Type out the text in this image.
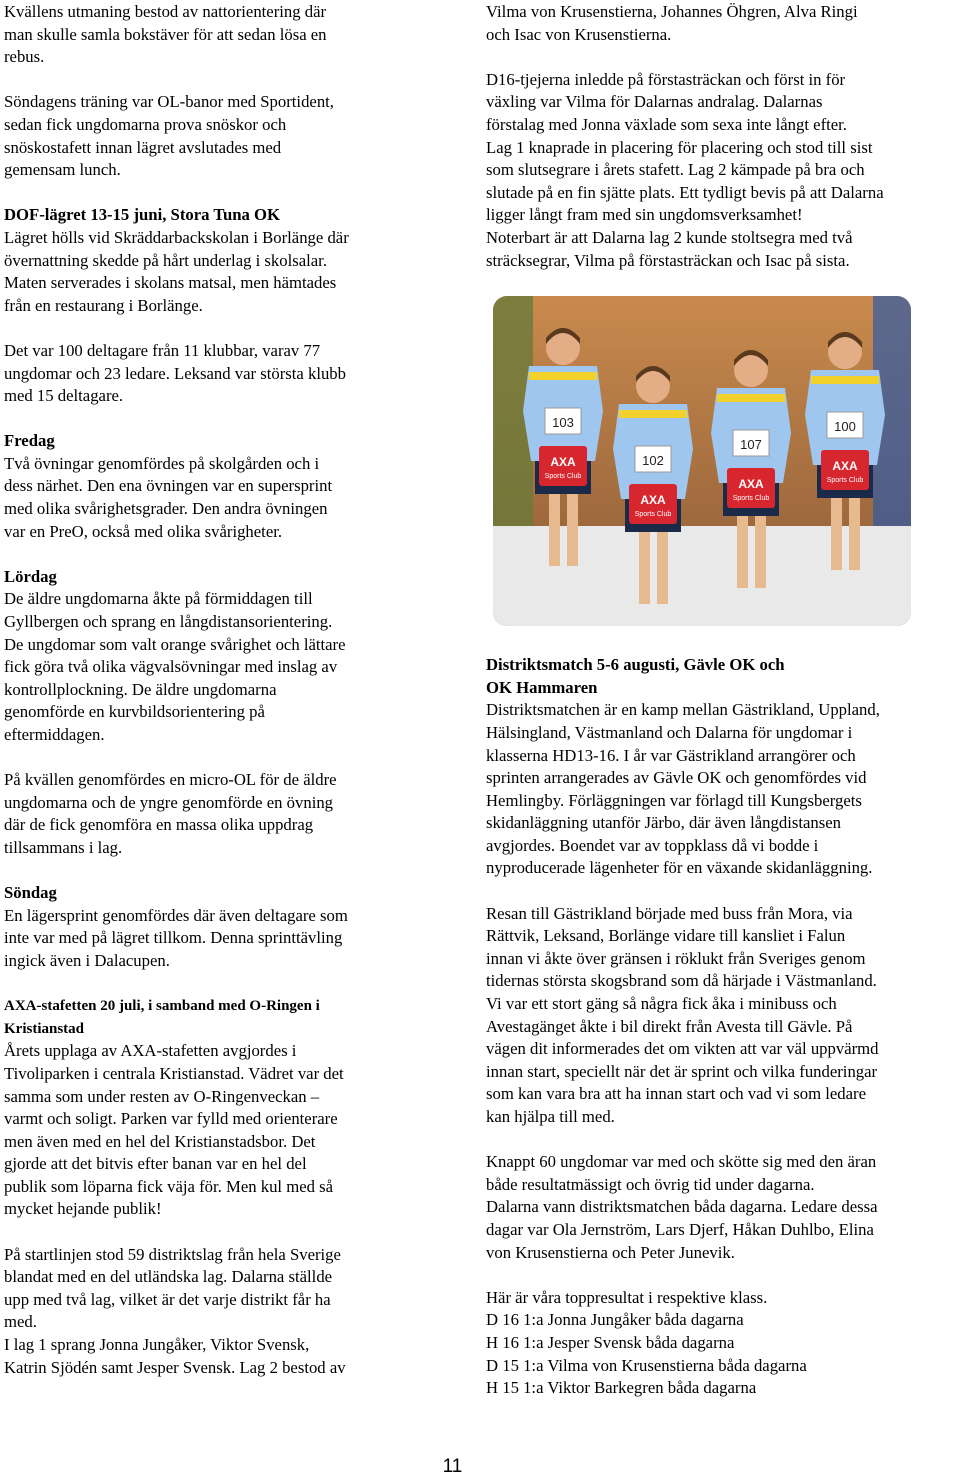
Kvällens utmaning bestod av nattorientering där
man skulle samla bokstäver för att sedan lösa en
rebus.
Söndagens träning var OL-banor med Sportident,
sedan fick ungdomarna prova snöskor och
snöskostafett innan lägret avslutades med
gemensam lunch.
DOF-lägret 13-15 juni, Stora Tuna OK
Lägret hölls vid Skräddarbackskolan i Borlänge där
övernattning skedde på hårt underlag i skolsalar.
Maten serverades i skolans matsal, men hämtades
från en restaurang i Borlänge.
Det var 100 deltagare från 11 klubbar, varav 77
ungdomar och 23 ledare. Leksand var största klubb
med 15 deltagare.
Fredag
Två övningar genomfördes på skolgården och i
dess närhet. Den ena övningen var en supersprint
med olika svårighetsgrader. Den andra övningen
var en PreO, också med olika svårigheter.
Lördag
De äldre ungdomarna åkte på förmiddagen till
Gyllbergen och sprang en långdistansorientering.
De ungdomar som valt orange svårighet och lättare
fick göra två olika vägvalsövningar med inslag av
kontrollplockning. De äldre ungdomarna
genomförde en kurvbildsorientering på
eftermiddagen.
På kvällen genomfördes en micro-OL för de äldre
ungdomarna och de yngre genomförde en övning
där de fick genomföra en massa olika uppdrag
tillsammans i lag.
Söndag
En lägersprint genomfördes där även deltagare som
inte var med på lägret tillkom. Denna sprinttävling
ingick även i Dalacupen.
AXA-stafetten 20 juli, i samband med O-Ringen i
Kristianstad
Årets upplaga av AXA-stafetten avgjordes i
Tivoliparken i centrala Kristianstad. Vädret var det
samma som under resten av O-Ringenveckan –
varmt och soligt. Parken var fylld med orienterare
men även med en hel del Kristianstadsbor. Det
gjorde att det bitvis efter banan var en hel del
publik som löparna fick väja för. Men kul med så
mycket hejande publik!
På startlinjen stod 59 distriktslag från hela Sverige
blandat med en del utländska lag. Dalarna ställde
upp med två lag, vilket är det varje distrikt får ha
med.
I lag 1 sprang Jonna Jungåker, Viktor Svensk,
Katrin Sjödén samt Jesper Svensk. Lag 2 bestod av
Vilma von Krusenstierna, Johannes Öhgren, Alva Ringi
och Isac von Krusenstierna.
D16-tjejerna inledde på förstasträckan och först in för
växling var Vilma för Dalarnas andralag. Dalarnas
förstalag med Jonna växlade som sexa inte långt efter.
Lag 1 knaprade in placering för placering och stod till sist
som slutsegrare i årets stafett. Lag 2 kämpade på bra och
slutade på en fin sjätte plats. Ett tydligt bevis på att Dalarna
ligger långt fram med sin ungdomsverksamhet!
Noterbart är att Dalarna lag 2 kunde stoltsegra med två
sträcksegrar, Vilma på förstasträckan och Isac på sista.
Distriktsmatch 5-6 augusti, Gävle OK och
OK Hammaren
Distriktsmatchen är en kamp mellan Gästrikland, Uppland,
Hälsingland, Västmanland och Dalarna för ungdomar i
klasserna HD13-16. I år var Gästrikland arrangörer och
sprinten arrangerades av Gävle OK och genomfördes vid
Hemlingby. Förläggningen var förlagd till Kungsbergets
skidanläggning utanför Järbo, där även långdistansen
avgjordes. Boendet var av toppklass då vi bodde i
nyproducerade lägenheter för en växande skidanläggning.
Resan till Gästrikland började med buss från Mora, via
Rättvik, Leksand, Borlänge vidare till kansliet i Falun
innan vi åkte över gränsen i röklukt från Sveriges genom
tidernas största skogsbrand som då härjade i Västmanland.
Vi var ett stort gäng så några fick åka i minibuss och
Avestagänget åkte i bil direkt från Avesta till Gävle. På
vägen dit informerades det om vikten att var väl uppvärmd
innan start, speciellt när det är sprint och vilka funderingar
som kan vara bra att ha innan start och vad vi som ledare
kan hjälpa till med.
Knappt 60 ungdomar var med och skötte sig med den äran
både resultatmässigt och övrig tid under dagarna.
Dalarna vann distriktsmatchen båda dagarna. Ledare dessa
dagar var Ola Jernström, Lars Djerf, Håkan Duhlbo, Elina
von Krusenstierna och Peter Junevik.
Här är våra toppresultat i respektive klass.
D 16 1:a Jonna Jungåker båda dagarna
H 16 1:a Jesper Svensk båda dagarna
D 15 1:a Vilma von Krusenstierna båda dagarna
H 15 1:a Viktor Barkegren båda dagarna
103
AXA
Sports Club
102
AXA
Sports Club
107
AXA
Sports Club
100
AXA
Sports Club
11
